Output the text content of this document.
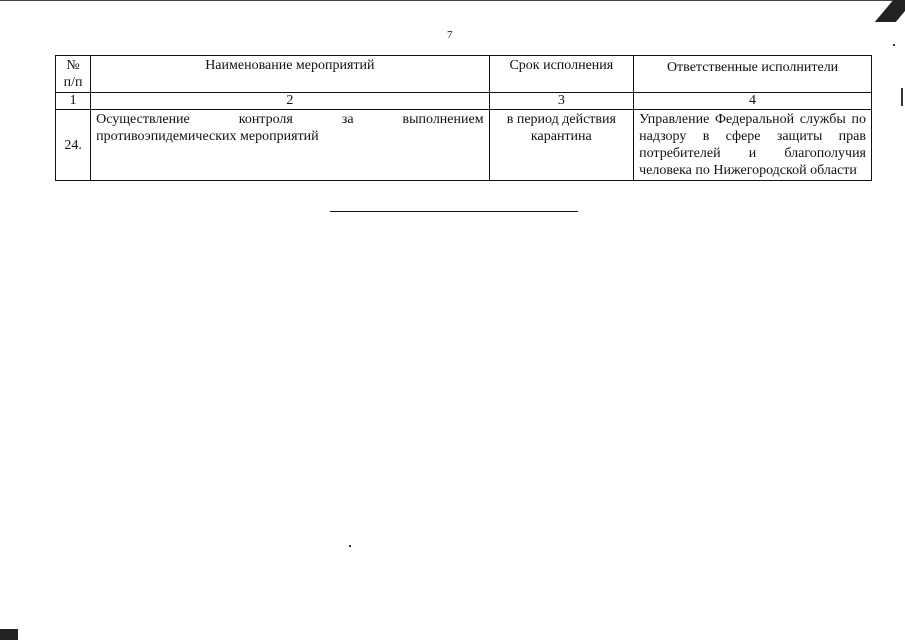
7
№ п/п	Наименование мероприятий	Срок исполнения	Ответственные исполнители
1	2	3	4
24.	Осуществление контроля за выполнением противоэпидемических мероприятий	в период действия карантина	Управление Федеральной службы по надзору в сфере защиты прав потребителей и благополучия человека по Нижегородской области
